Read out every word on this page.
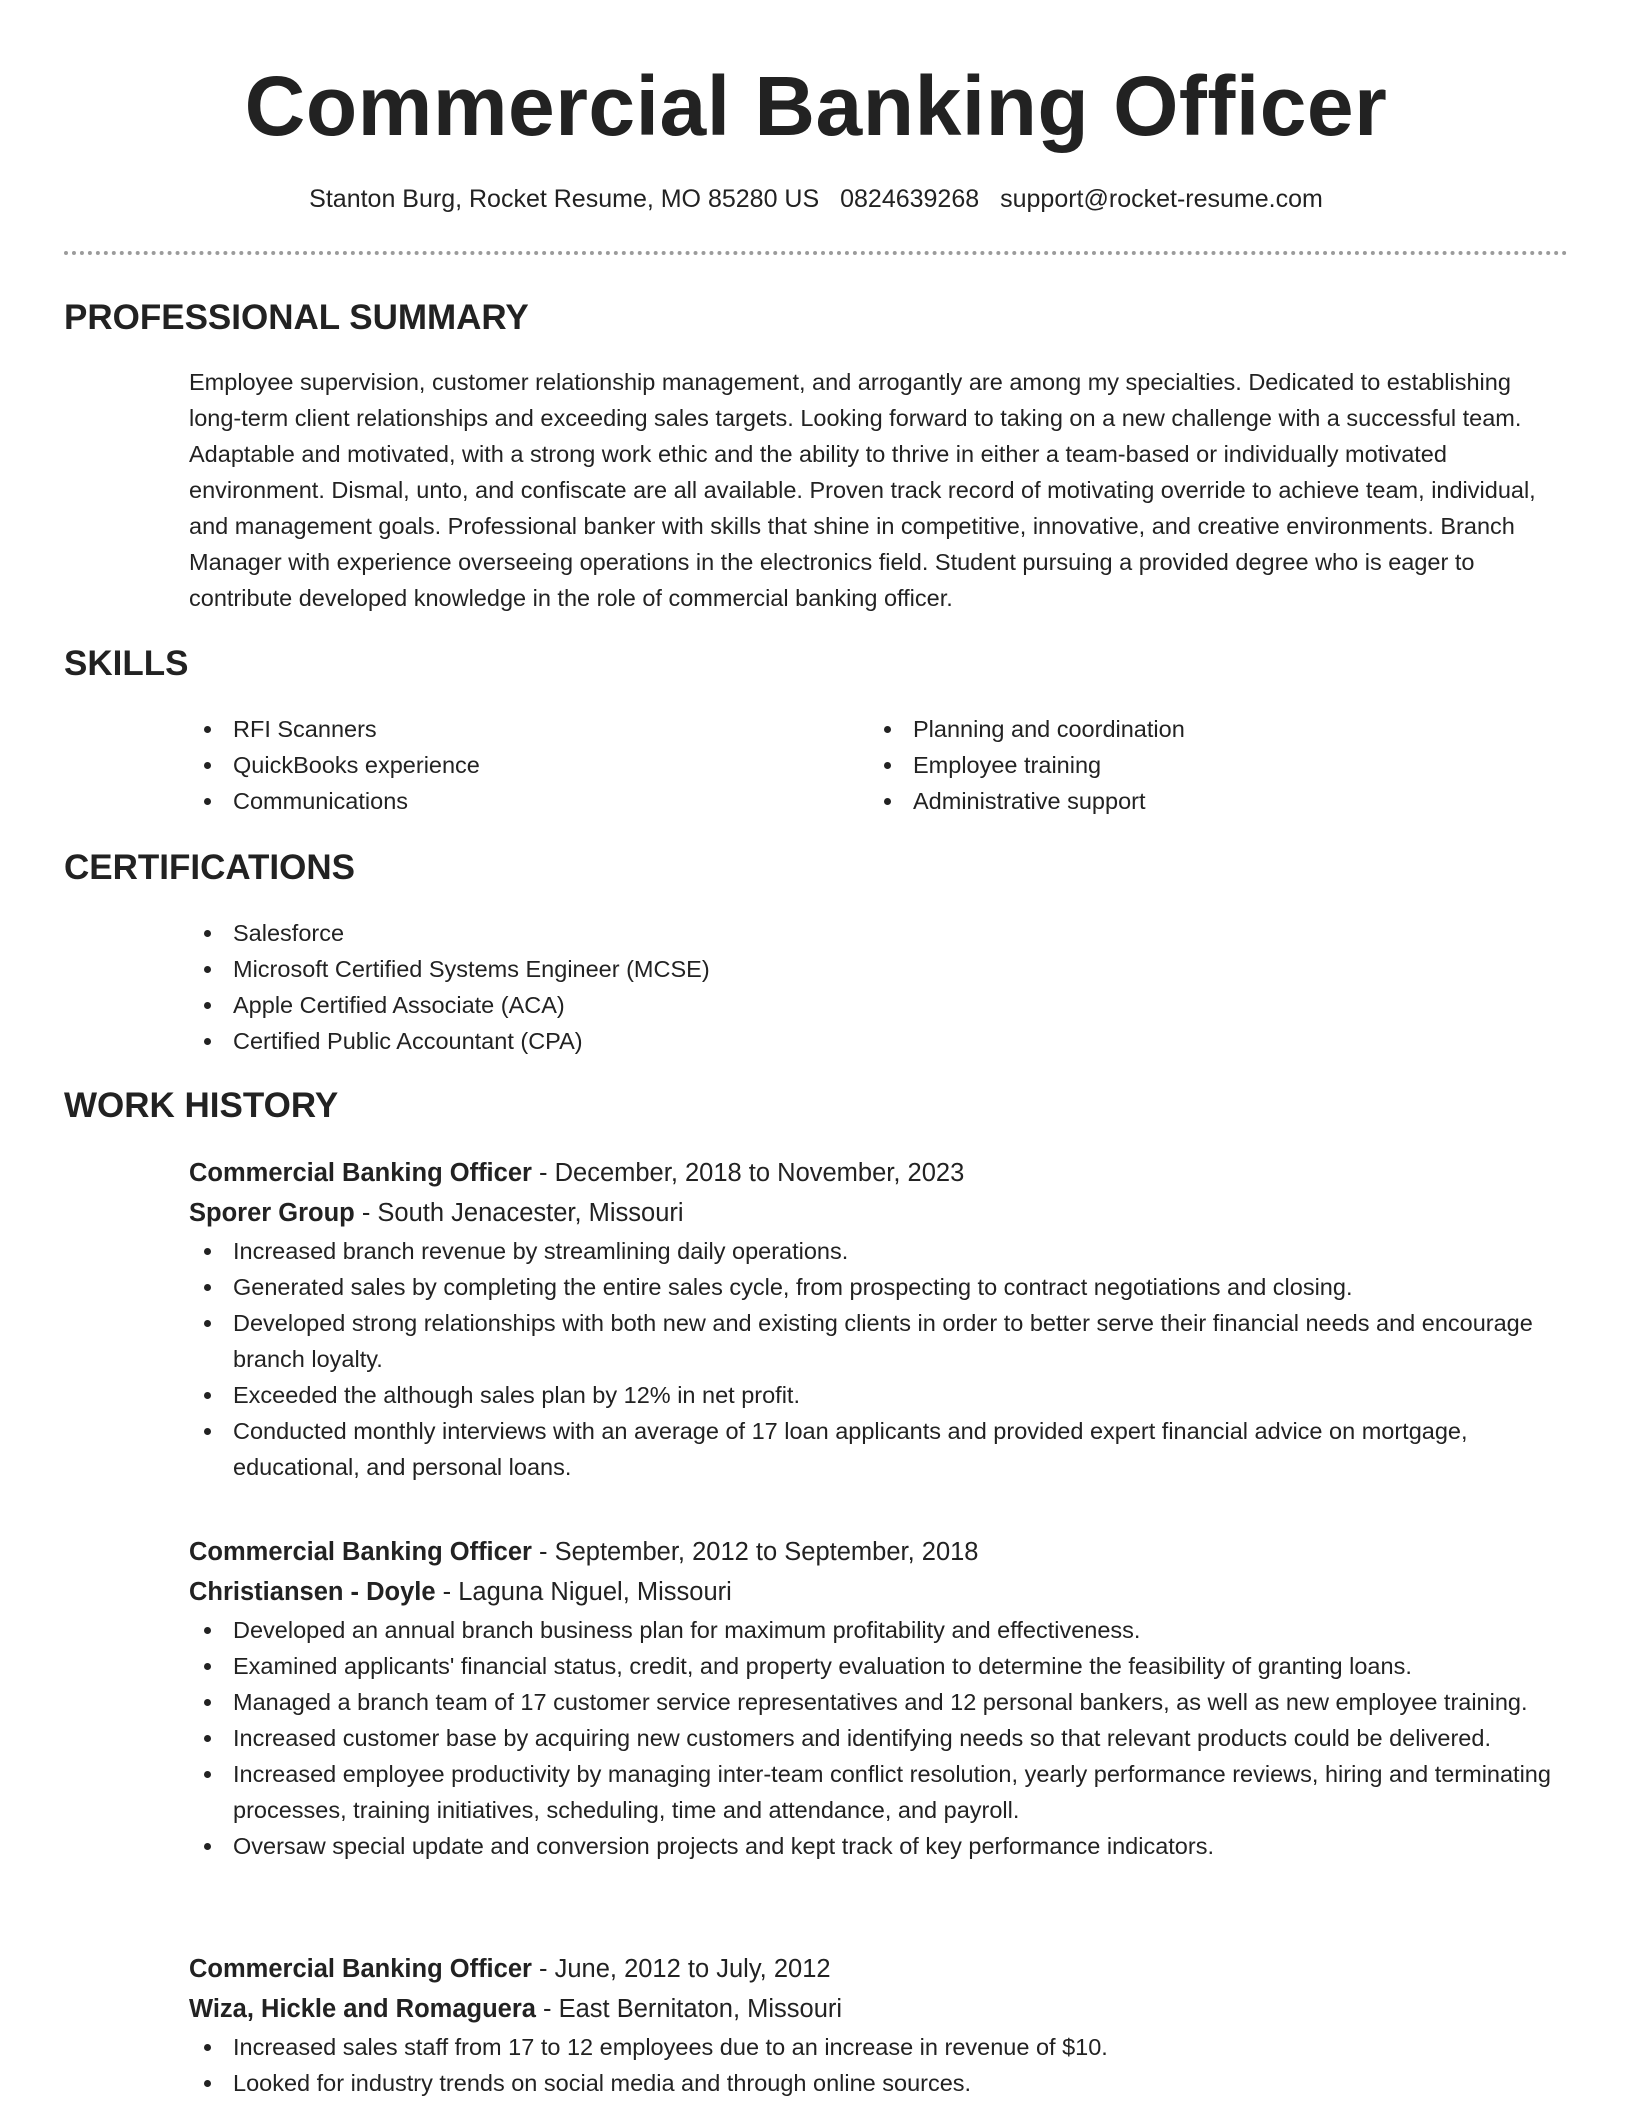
Commercial Banking Officer
Stanton Burg, Rocket Resume, MO 85280 US 0824639268 support@rocket-resume.com
PROFESSIONAL SUMMARY

Employee supervision, customer relationship management, and arrogantly are among my specialties. Dedicated to establishing long-term client relationships and exceeding sales targets. Looking forward to taking on a new challenge with a successful team. Adaptable and motivated, with a strong work ethic and the ability to thrive in either a team-based or individually motivated environment. Dismal, unto, and confiscate are all available. Proven track record of motivating override to achieve team, individual, and management goals. Professional banker with skills that shine in competitive, innovative, and creative environments. Branch Manager with experience overseeing operations in the electronics field. Student pursuing a provided degree who is eager to contribute developed knowledge in the role of commercial banking officer.

SKILLS
RFI Scanners
QuickBooks experience
Communications
Planning and coordination
Employee training
Administrative support
CERTIFICATIONS
Salesforce
Microsoft Certified Systems Engineer (MCSE)
Apple Certified Associate (ACA)
Certified Public Accountant (CPA)
WORK HISTORY
Commercial Banking Officer - December, 2018 to November, 2023
Sporer Group - South Jenacester, Missouri
Increased branch revenue by streamlining daily operations.
Generated sales by completing the entire sales cycle, from prospecting to contract negotiations and closing.
Developed strong relationships with both new and existing clients in order to better serve their financial needs and encourage branch loyalty.
Exceeded the although sales plan by 12% in net profit.
Conducted monthly interviews with an average of 17 loan applicants and provided expert financial advice on mortgage, educational, and personal loans.
Commercial Banking Officer - September, 2012 to September, 2018
Christiansen - Doyle - Laguna Niguel, Missouri
Developed an annual branch business plan for maximum profitability and effectiveness.
Examined applicants' financial status, credit, and property evaluation to determine the feasibility of granting loans.
Managed a branch team of 17 customer service representatives and 12 personal bankers, as well as new employee training.
Increased customer base by acquiring new customers and identifying needs so that relevant products could be delivered.
Increased employee productivity by managing inter-team conflict resolution, yearly performance reviews, hiring and terminating processes, training initiatives, scheduling, time and attendance, and payroll.
Oversaw special update and conversion projects and kept track of key performance indicators.
Commercial Banking Officer - June, 2012 to July, 2012
Wiza, Hickle and Romaguera - East Bernitaton, Missouri
Increased sales staff from 17 to 12 employees due to an increase in revenue of $10.
Looked for industry trends on social media and through online sources.
